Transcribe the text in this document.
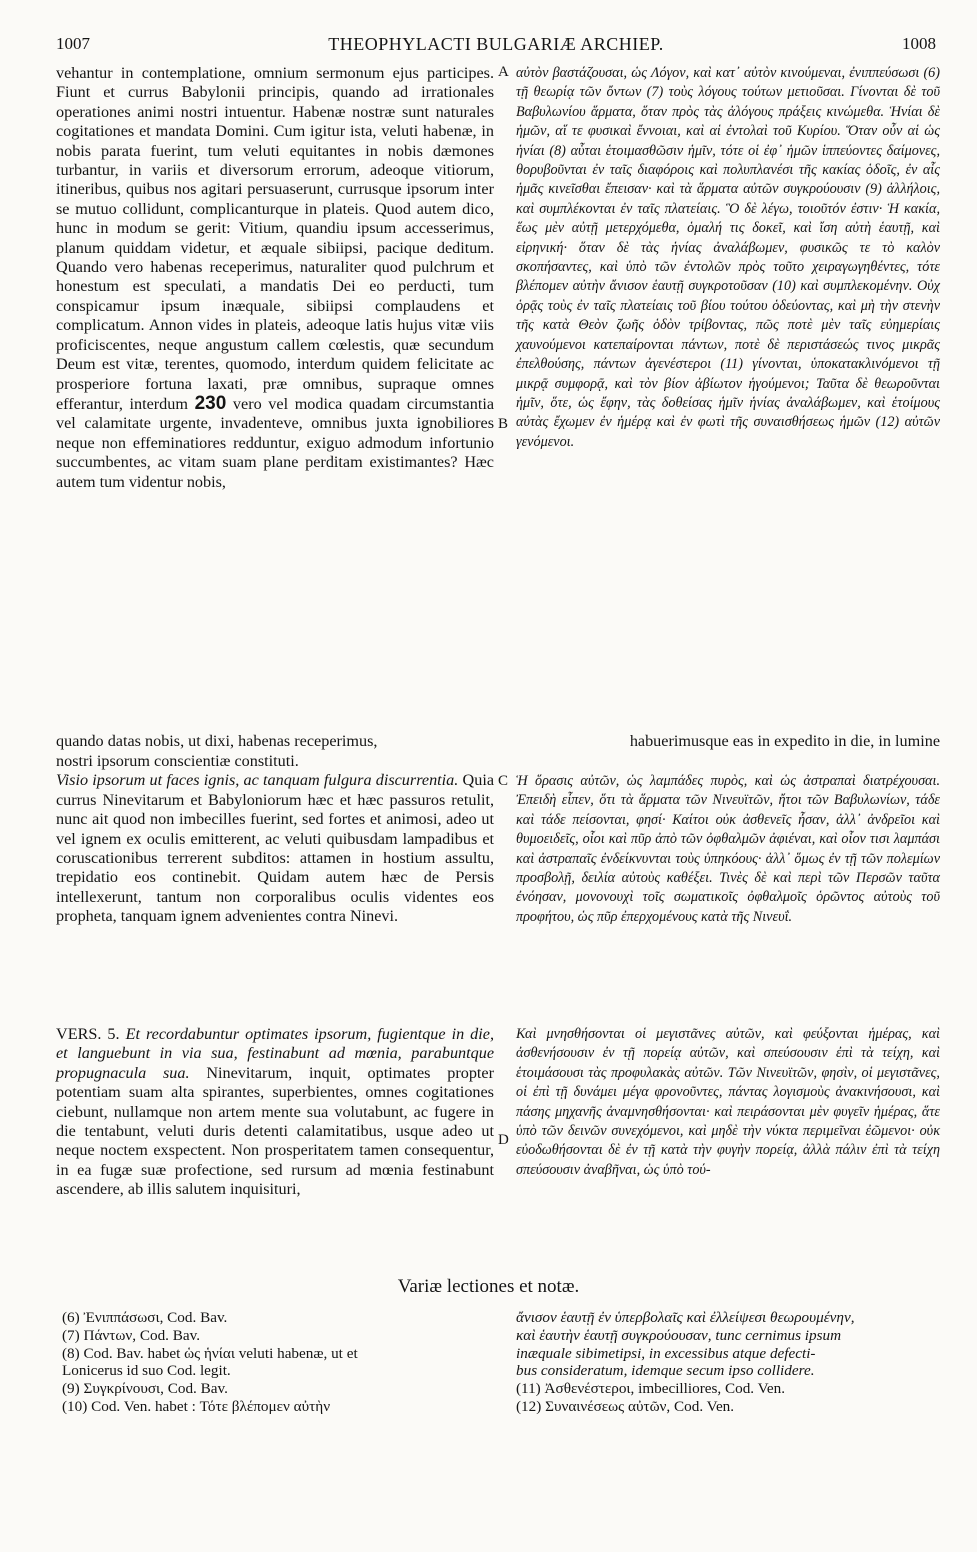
1007	THEOPHYLACTI BULGARIÆ ARCHIEP.	1008

vehantur in contemplatione, omnium sermonum ejus participes. Fiunt et currus Babylonii principis, quando ad irrationales operationes animi nostri intuentur. Habenæ nostræ sunt naturales cogitationes et mandata Domini. Cum igitur ista, veluti habenæ, in nobis parata fuerint, tum veluti equitantes in nobis dæmones turbantur, in variis et diversorum errorum, adeoque vitiorum, itineribus, quibus nos agitari persuaserunt, currusque ipsorum inter se mutuo collidunt, complicanturque in plateis. Quod autem dico, hunc in modum se gerit: Vitium, quandiu ipsum accesserimus, planum quiddam videtur, et æquale sibiipsi, pacique deditum. Quando vero habenas receperimus, naturaliter quod pulchrum et honestum est speculati, a mandatis Dei eo perducti, tum conspicamur ipsum inæquale, sibiipsi complaudens et complicatum. Annon vides in plateis, adeoque latis hujus vitæ viis proficiscentes, neque angustum callem cœlestis, quæ secundum Deum est vitæ, terentes, quomodo, interdum quidem felicitate ac prosperiore fortuna laxati, præ omnibus, supraque omnes efferantur, interdum 230 vero vel modica quadam circumstantia vel calamitate urgente, invadenteve, omnibus juxta ignobiliores neque non effeminatiores redduntur, exiguo admodum infortunio succumbentes, ac vitam suam plane perditam existimantes? Hæc autem tum videntur nobis,

αὐτὸν βαστάζουσαι, ὡς Λόγον, καὶ κατ᾽ αὐτὸν κινούμεναι, ἐνιππεύσωσι (6) τῇ θεωρίᾳ τῶν ὄντων (7) τοὺς λόγους τούτων μετιοῦσαι. Γίνονται δὲ τοῦ Βαβυλωνίου ἅρματα, ὅταν πρὸς τὰς ἀλόγους πράξεις κινώμεθα. Ἡνίαι δὲ ἡμῶν, αἵ τε φυσικαὶ ἔννοιαι, καὶ αἱ ἐντολαὶ τοῦ Κυρίου. Ὅταν οὖν αἱ ὡς ἡνίαι (8) αὗται ἑτοιμασθῶσιν ἡμῖν, τότε οἱ ἐφ᾽ ἡμῶν ἱππεύοντες δαίμονες, θορυβοῦνται ἐν ταῖς διαφόροις καὶ πολυπλανέσι τῆς κακίας ὁδοῖς, ἐν αἷς ἡμᾶς κινεῖσθαι ἔπεισαν· καὶ τὰ ἅρματα αὐτῶν συγκρούουσιν (9) ἀλλήλοις, καὶ συμπλέκονται ἐν ταῖς πλατείαις. Ὃ δὲ λέγω, τοιοῦτόν ἐστιν· Ἡ κακία, ἕως μὲν αὐτῇ μετερχόμεθα, ὁμαλή τις δοκεῖ, καὶ ἴση αὐτὴ ἑαυτῇ, καὶ εἰρηνική· ὅταν δὲ τὰς ἡνίας ἀναλάβωμεν, φυσικῶς τε τὸ καλὸν σκοπήσαντες, καὶ ὑπὸ τῶν ἐντολῶν πρὸς τοῦτο χειραγωγηθέντες, τότε βλέπομεν αὐτὴν ἄνισον ἑαυτῇ συγκροτοῦσαν (10) καὶ συμπλεκομένην. Οὐχ ὁρᾷς τοὺς ἐν ταῖς πλατείαις τοῦ βίου τούτου ὁδεύοντας, καὶ μὴ τὴν στενὴν τῆς κατὰ Θεὸν ζωῆς ὁδὸν τρίβοντας, πῶς ποτὲ μὲν ταῖς εὐημερίαις χαυνούμενοι κατεπαίρονται πάντων, ποτὲ δὲ περιστάσεώς τινος μικρᾶς ἐπελθούσης, πάντων ἀγενέστεροι (11) γίνονται, ὑποκατακλινόμενοι τῇ μικρᾷ συμφορᾷ, καὶ τὸν βίον ἀβίωτον ἡγούμενοι; Ταῦτα δὲ θεωροῦνται ἡμῖν, ὅτε, ὡς ἔφην, τὰς δοθείσας ἡμῖν ἡνίας ἀναλάβωμεν, καὶ ἑτοίμους αὐτὰς ἔχωμεν ἐν ἡμέρᾳ καὶ ἐν φωτὶ τῆς συναισθήσεως ἡμῶν (12) αὐτῶν γενόμενοι.

A
B
C
D
quando datas nobis, ut dixi, habenas receperimus,	habuerimusque eas in expedito in die, in lumine

nostri ipsorum conscientiæ constituti.

Visio ipsorum ut faces ignis, ac tanquam fulgura discurrentia. Quia currus Ninevitarum et Babyloniorum hæc et hæc passuros retulit, nunc ait quod non imbecilles fuerint, sed fortes et animosi, adeo ut vel ignem ex oculis emitterent, ac veluti quibusdam lampadibus et coruscationibus terrerent subditos: attamen in hostium assultu, trepidatio eos continebit. Quidam autem hæc de Persis intellexerunt, tantum non corporalibus oculis videntes eos propheta, tanquam ignem advenientes contra Ninevi.

Ἡ ὅρασις αὐτῶν, ὡς λαμπάδες πυρὸς, καὶ ὡς ἀστραπαὶ διατρέχουσαι. Ἐπειδὴ εἶπεν, ὅτι τὰ ἅρματα τῶν Νινευϊτῶν, ἤτοι τῶν Βαβυλωνίων, τάδε καὶ τάδε πείσονται, φησί· Καίτοι οὐκ ἀσθενεῖς ἦσαν, ἀλλ᾽ ἀνδρεῖοι καὶ θυμοειδεῖς, οἷοι καὶ πῦρ ἀπὸ τῶν ὀφθαλμῶν ἀφιέναι, καὶ οἷον τισι λαμπάσι καὶ ἀστραπαῖς ἐνδείκνυνται τοὺς ὑπηκόους· ἀλλ᾽ ὅμως ἐν τῇ τῶν πολεμίων προσβολῇ, δειλία αὐτοὺς καθέξει. Τινὲς δὲ καὶ περὶ τῶν Περσῶν ταῦτα ἐνόησαν, μονονουχὶ τοῖς σωματικοῖς ὀφθαλμοῖς ὁρῶντος αὐτοὺς τοῦ προφήτου, ὡς πῦρ ἐπερχομένους κατὰ τῆς Νινευΐ.

VERS. 5. Et recordabuntur optimates ipsorum, fugientque in die, et languebunt in via sua, festinabunt ad mœnia, parabuntque propugnacula sua. Ninevitarum, inquit, optimates propter potentiam suam alta spirantes, superbientes, omnes cogitationes ciebunt, nullamque non artem mente sua volutabunt, ac fugere in die tentabunt, veluti duris detenti calamitatibus, usque adeo ut neque noctem exspectent. Non prosperitatem tamen consequentur, in ea fugæ suæ profectione, sed rursum ad mœnia festinabunt ascendere, ab illis salutem inquisituri,

Καὶ μνησθήσονται οἱ μεγιστᾶνες αὐτῶν, καὶ φεύξονται ἡμέρας, καὶ ἀσθενήσουσιν ἐν τῇ πορείᾳ αὐτῶν, καὶ σπεύσουσιν ἐπὶ τὰ τείχη, καὶ ἑτοιμάσουσι τὰς προφυλακὰς αὐτῶν. Τῶν Νινευϊτῶν, φησὶν, οἱ μεγιστᾶνες, οἱ ἐπὶ τῇ δυνάμει μέγα φρονοῦντες, πάντας λογισμοὺς ἀνακινήσουσι, καὶ πάσης μηχανῆς ἀναμνησθήσονται· καὶ πειράσονται μὲν φυγεῖν ἡμέρας, ἅτε ὑπὸ τῶν δεινῶν συνεχόμενοι, καὶ μηδὲ τὴν νύκτα περιμεῖναι ἐῶμενοι· οὐκ εὐοδωθήσονται δὲ ἐν τῇ κατὰ τὴν φυγὴν πορείᾳ, ἀλλὰ πάλιν ἐπὶ τὰ τείχη σπεύσουσιν ἀναβῆναι, ὡς ὑπὸ τού-

Variæ lectiones et notæ.
(6) Ἐνιππάσωσι, Cod. Bav.
(7) Πάντων, Cod. Bav.
(8) Cod. Bav. habet ὡς ἡνίαι veluti habenæ, ut et
Lonicerus id suo Cod. legit.
(9) Συγκρίνουσι, Cod. Bav.
(10) Cod. Ven. habet : Τότε βλέπομεν αὐτὴν
ἄνισον ἑαυτῇ ἐν ὑπερβολαῖς καὶ ἐλλείψεσι θεωρουμένην,
καὶ ἑαυτὴν ἑαυτῇ συγκρούουσαν, tunc cernimus ipsum
inæquale sibimetipsi, in excessibus atque defecti-
bus consideratum, idemque secum ipso collidere.
(11) Ἀσθενέστεροι, imbecilliores, Cod. Ven.
(12) Συναινέσεως αὐτῶν, Cod. Ven.
